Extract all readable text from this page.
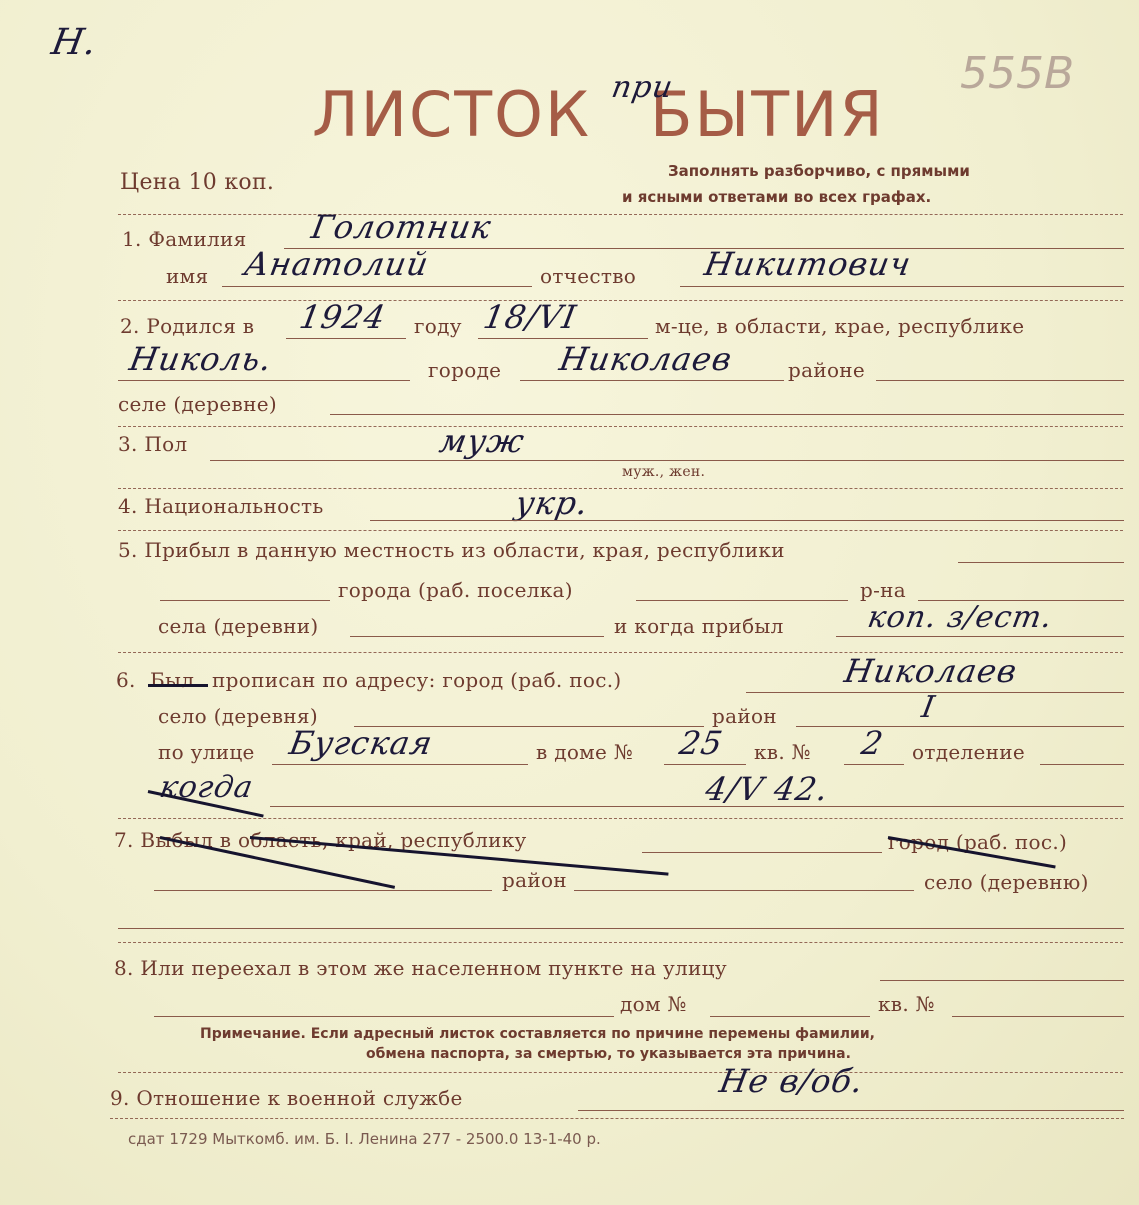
Н.
555В
ЛИСТОК БЫТИЯ
при
Цена 10 коп.	Заполнять разборчиво, с прямыми
и ясными ответами во всех графах.
1. Фамилия Голотник
имя Анатолий	отчество Никитович
2. Родился в 1924 году 18/VI	м-це, в области, крае, республике
Николь.	городе Николаев	районе
селе (деревне)
3. Пол	муж
муж., жен.
4. Национальность	укр.
5. Прибыл в данную местность из области, края, республики
города (раб. поселка)	р-на
села (деревни)	и когда прибыл	коп. з/ест.
6. Был прописан по адресу: город (раб. пос.)	Николаев
село (деревня)	район	I
по улице Бугская	в доме № 25 кв. № 2 отделение
когда	4/V 42.
7. Выбыл в область, край, республику	город (раб. пос.)
район	село (деревню)
8. Или переехал в этом же населенном пункте на улицу
дом №	кв. №
Примечание. Если адресный листок составляется по причине перемены фамилии,
обмена паспорта, за смертью, то указывается эта причина.
9. Отношение к военной службе	Не в/об.
сдат 1729 Мыткомб. им. Б. I. Ленина 277 - 2500.0 13-1-40 р.
